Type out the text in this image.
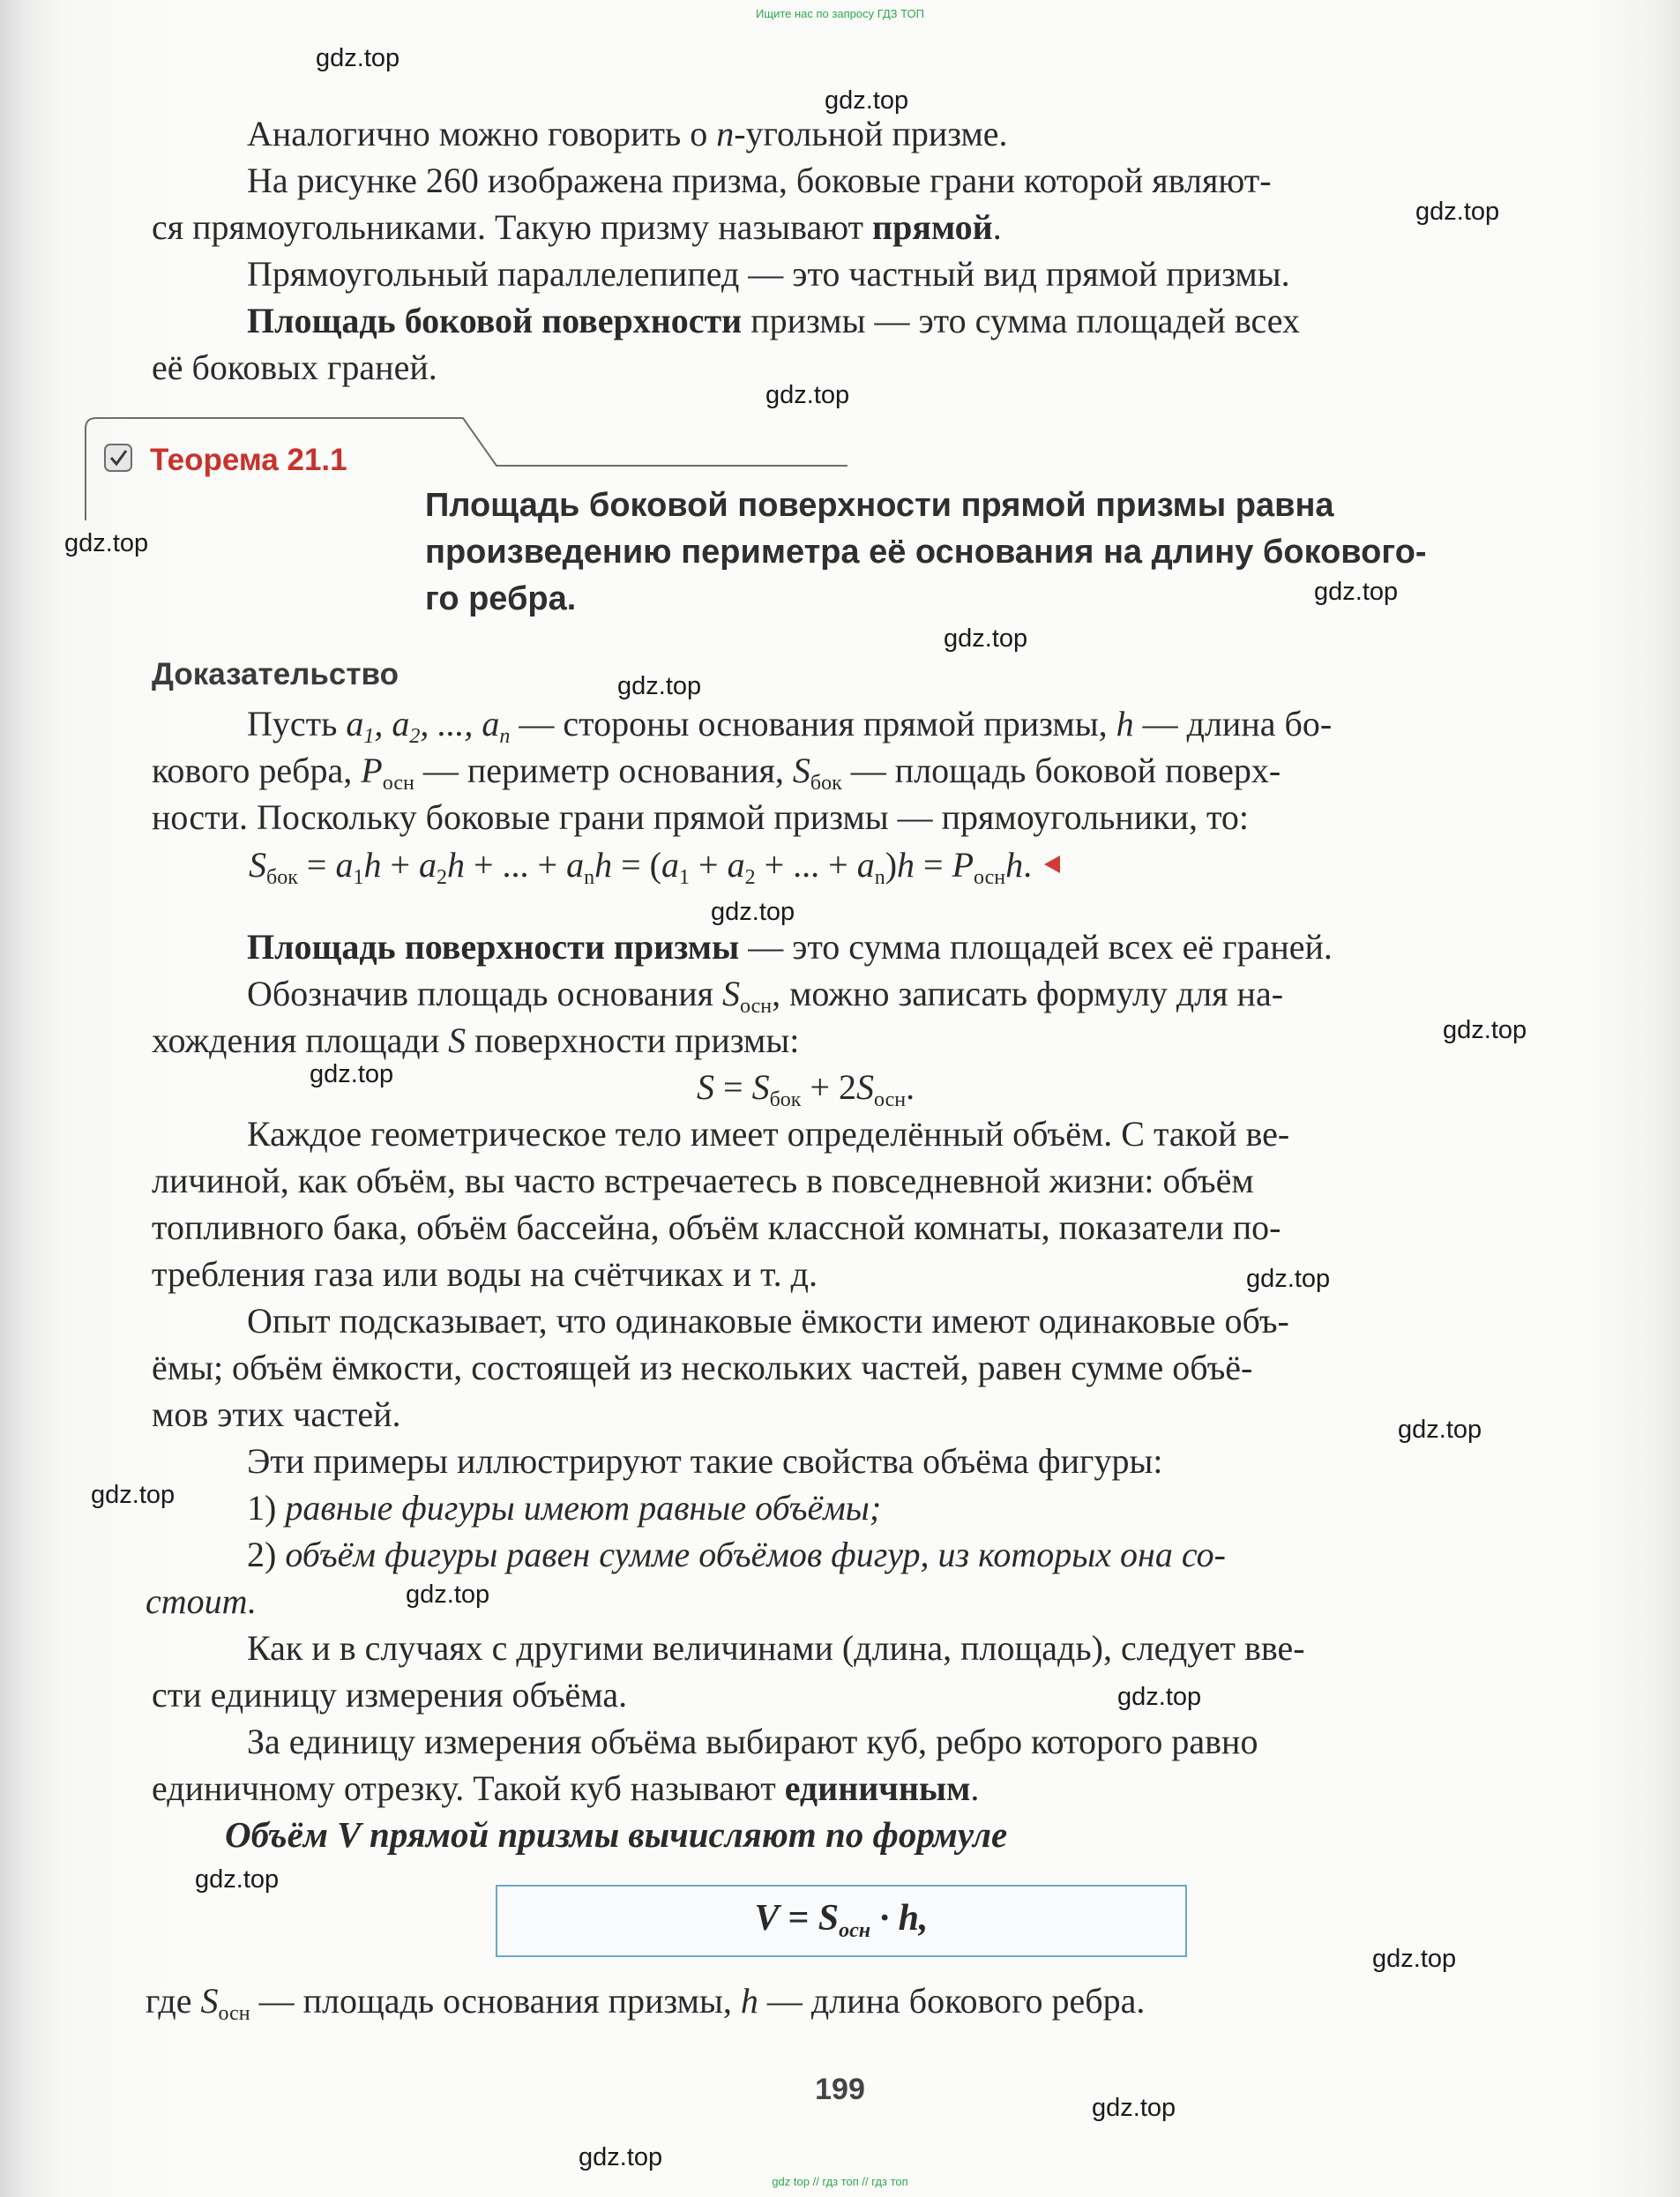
Ищите нас по запросу ГДЗ ТОП
Аналогично можно говорить о n-угольной призме.
На рисунке 260 изображена призма, боковые грани которой являют-
ся прямоугольниками. Такую призму называют прямой.
Прямоугольный параллелепипед — это частный вид прямой призмы.
Площадь боковой поверхности призмы — это сумма площадей всех
её боковых граней.
Теорема 21.1
Площадь боковой поверхности прямой призмы равна
произведению периметра её основания на длину бокового-
го ребра.
Доказательство
Пусть $a_1$, $a_2$, ..., $a_n$ — стороны основания прямой призмы, h — длина бо-
кового ребра, $P_{осн}$ — периметр основания, $S_{бок}$ — площадь боковой поверх-
ности. Поскольку боковые грани прямой призмы — прямоугольники, то:
$S_{бок} = a_1h + a_2h$ + ... + $a_nh = (a_1 + a_2$ + ... + $a_n)h = P_{осн}h$.
Площадь поверхности призмы — это сумма площадей всех её граней.
Обозначив площадь основания $S_{осн}$, можно записать формулу для на-
хождения площади S поверхности призмы:
$S = S_{бок} + 2S_{осн}$.
Каждое геометрическое тело имеет определённый объём. С такой ве-
личиной, как объём, вы часто встречаетесь в повседневной жизни: объём
топливного бака, объём бассейна, объём классной комнаты, показатели по-
требления газа или воды на счётчиках и т. д.
Опыт подсказывает, что одинаковые ёмкости имеют одинаковые объ-
ёмы; объём ёмкости, состоящей из нескольких частей, равен сумме объё-
мов этих частей.
Эти примеры иллюстрируют такие свойства объёма фигуры:
1) равные фигуры имеют равные объёмы;
2) объём фигуры равен сумме объёмов фигур, из которых она со-
стоит.
Как и в случаях с другими величинами (длина, площадь), следует вве-
сти единицу измерения объёма.
За единицу измерения объёма выбирают куб, ребро которого равно
единичному отрезку. Такой куб называют единичным.
Объём V прямой призмы вычисляют по формуле
$V = S_{осн} \cdot h$,
где $S_{осн}$ — площадь основания призмы, h — длина бокового ребра.
199
gdz.top
gdz.top
gdz.top
gdz.top
gdz.top
gdz.top
gdz.top
gdz.top
gdz.top
gdz.top
gdz.top
gdz.top
gdz.top
gdz.top
gdz.top
gdz.top
gdz.top
gdz.top
gdz.top
gdz.top
gdz top // гдз топ // гдз топ
